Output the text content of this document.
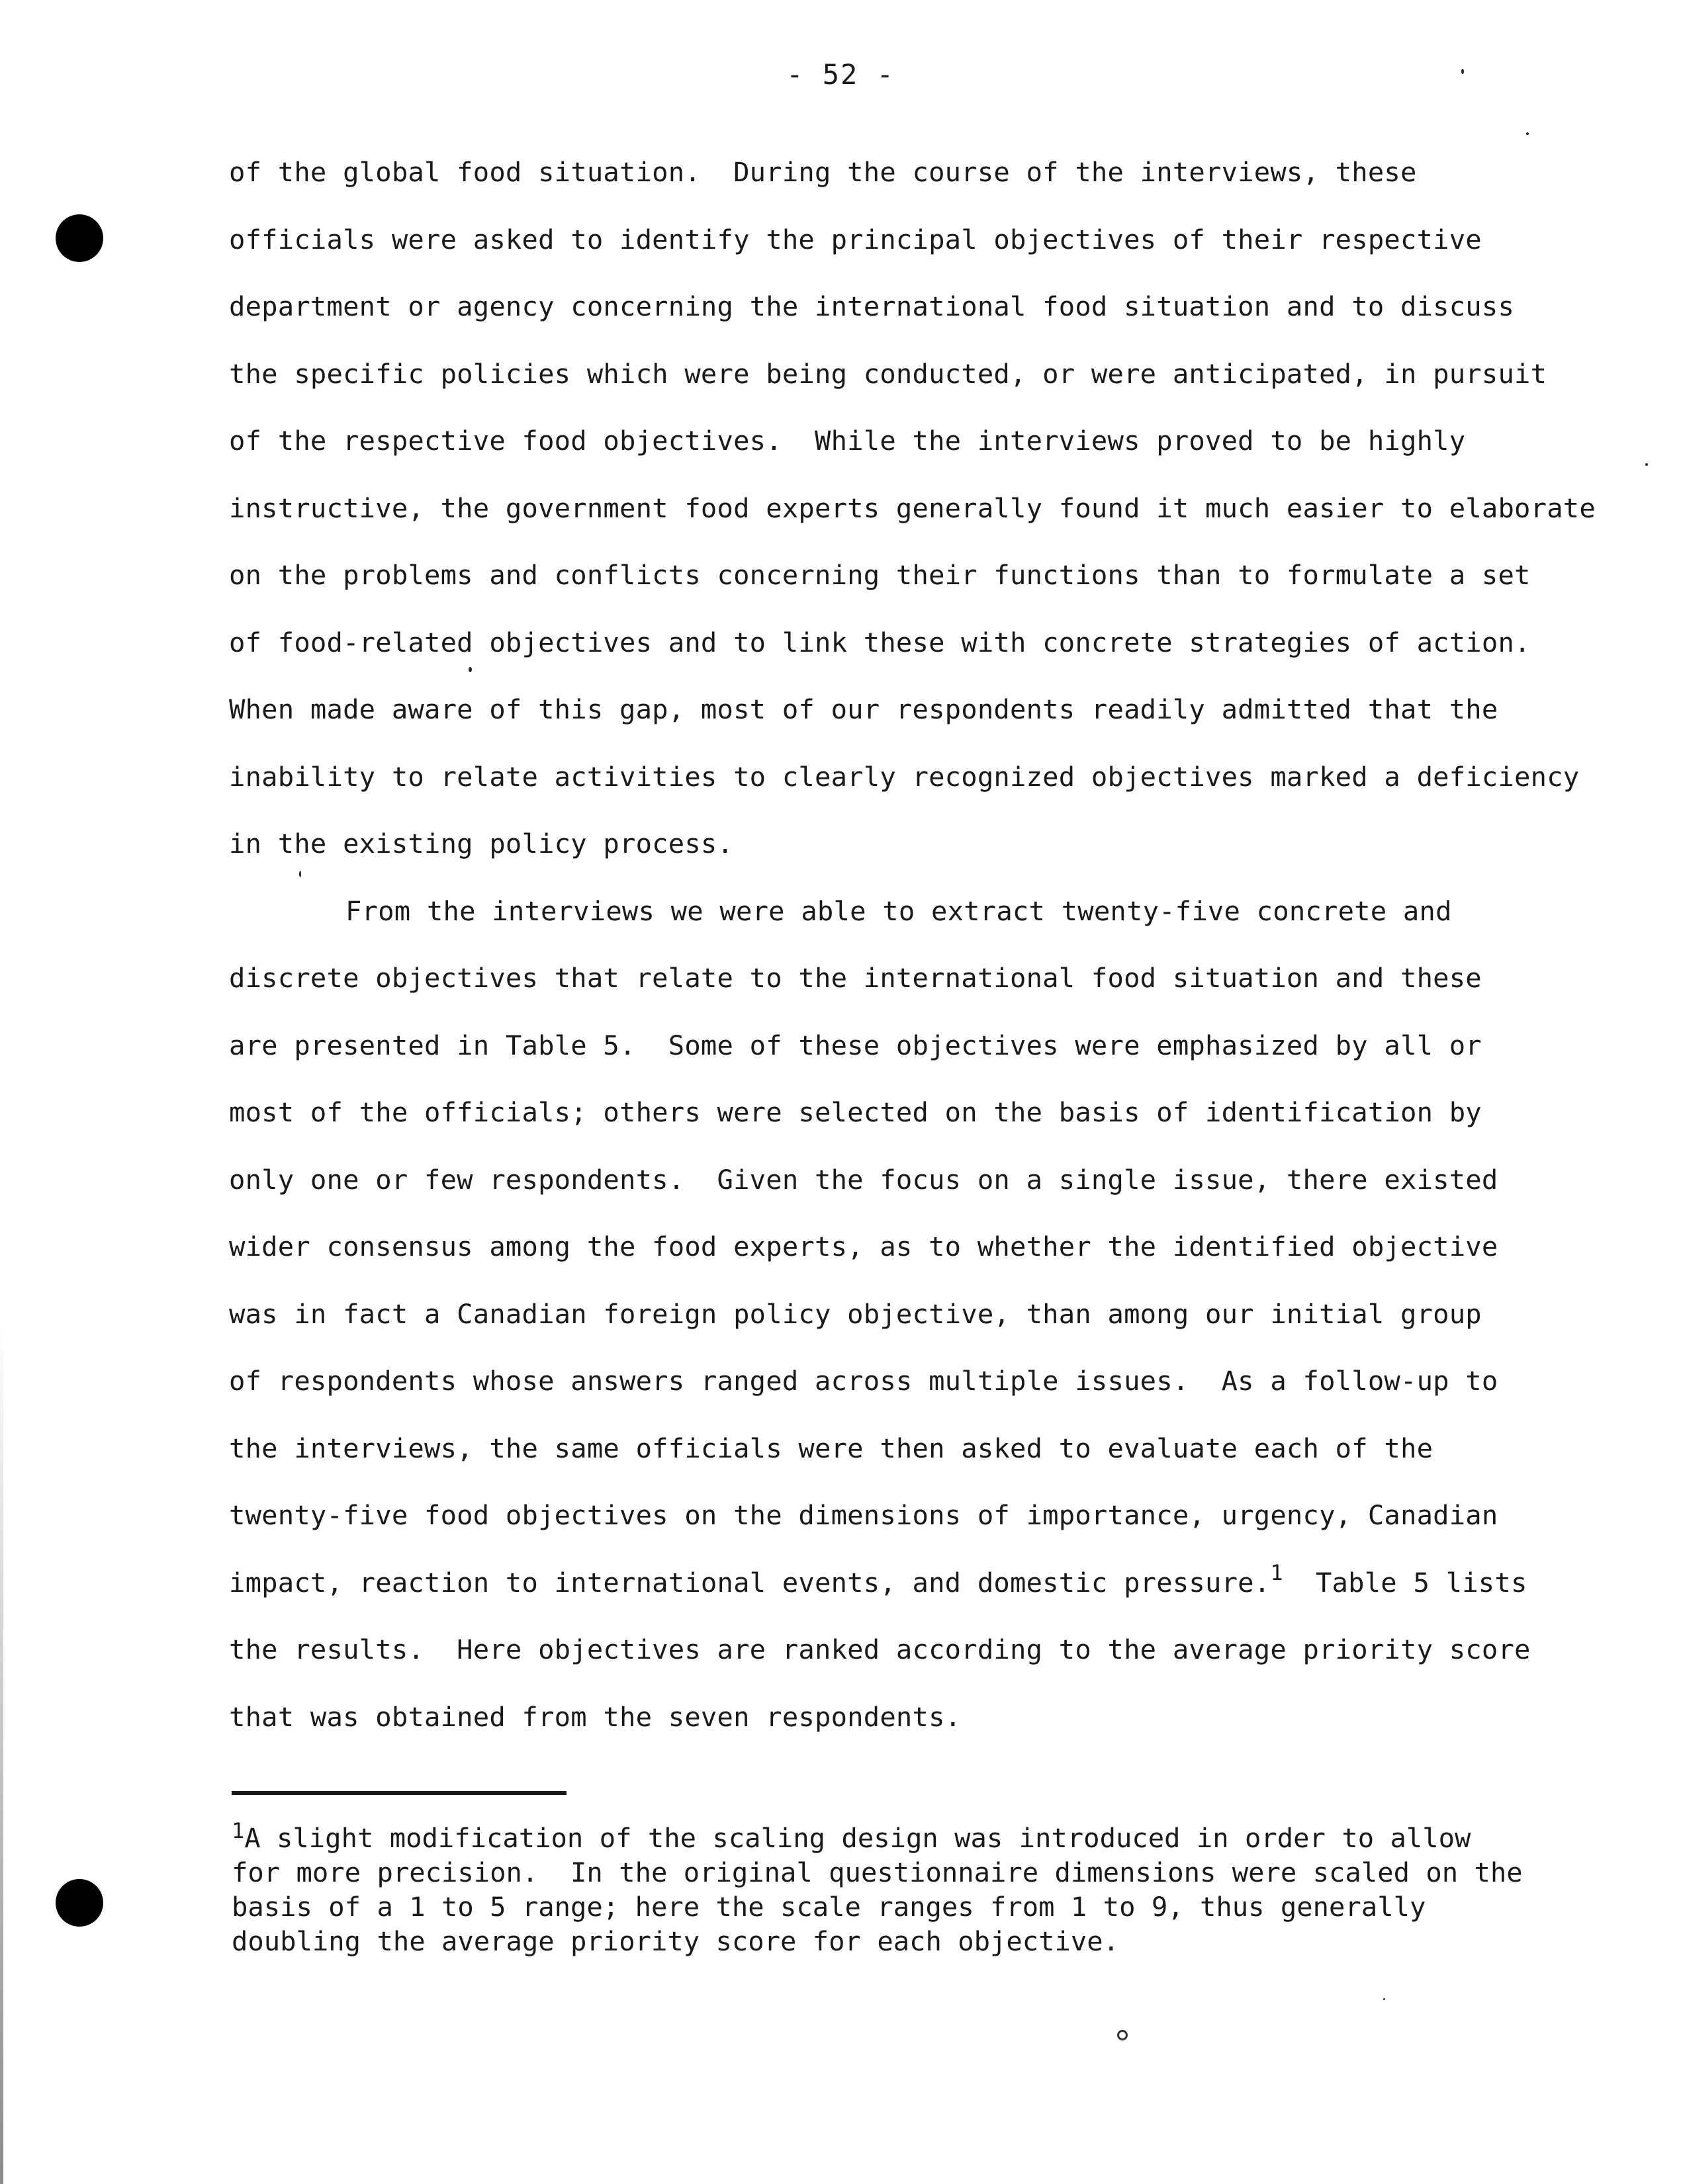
- 52 -
of the global food situation.  During the course of the interviews, these
officials were asked to identify the principal objectives of their respective
department or agency concerning the international food situation and to discuss
the specific policies which were being conducted, or were anticipated, in pursuit
of the respective food objectives.  While the interviews proved to be highly
instructive, the government food experts generally found it much easier to elaborate
on the problems and conflicts concerning their functions than to formulate a set
of food-related objectives and to link these with concrete strategies of action.
When made aware of this gap, most of our respondents readily admitted that the
inability to relate activities to clearly recognized objectives marked a deficiency
in the existing policy process.
From the interviews we were able to extract twenty-five concrete and
discrete objectives that relate to the international food situation and these
are presented in Table 5.  Some of these objectives were emphasized by all or
most of the officials; others were selected on the basis of identification by
only one or few respondents.  Given the focus on a single issue, there existed
wider consensus among the food experts, as to whether the identified objective
was in fact a Canadian foreign policy objective, than among our initial group
of respondents whose answers ranged across multiple issues.  As a follow-up to
the interviews, the same officials were then asked to evaluate each of the
twenty-five food objectives on the dimensions of importance, urgency, Canadian
impact, reaction to international events, and domestic pressure.$^1$  Table 5 lists
the results.  Here objectives are ranked according to the average priority score
that was obtained from the seven respondents.
$^1$A slight modification of the scaling design was introduced in order to allow
for more precision.  In the original questionnaire dimensions were scaled on the
basis of a 1 to 5 range; here the scale ranges from 1 to 9, thus generally
doubling the average priority score for each objective.
